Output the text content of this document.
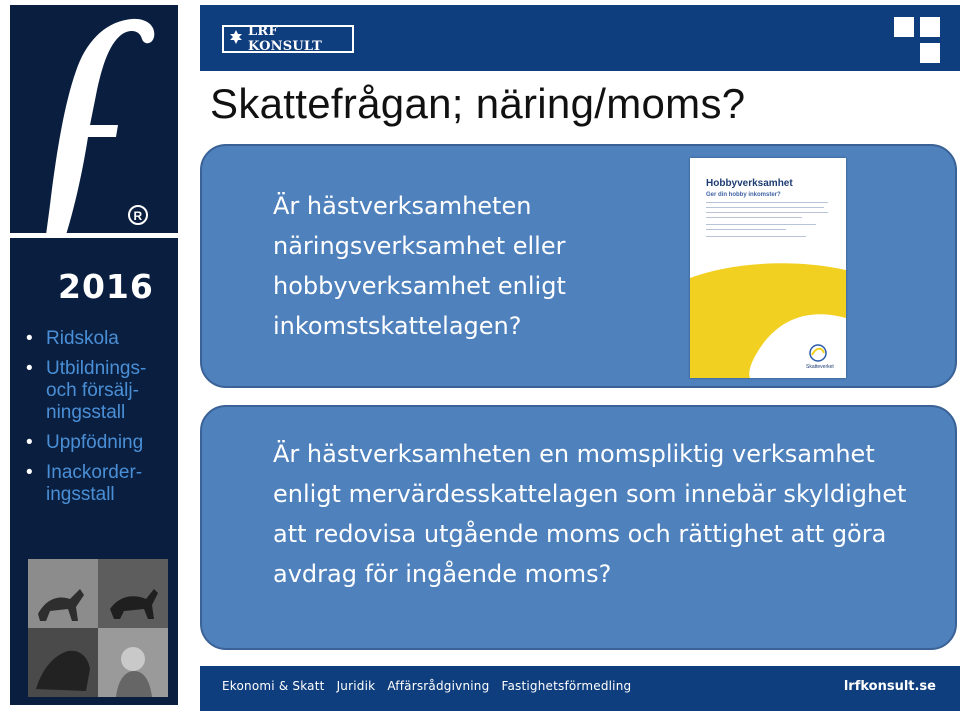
R
2016
• Ridskola
• Utbildnings-och försälj-ningsstall
• Uppfödning
• Inackorder-ingsstall
LRF KONSULT
Skattefrågan; näring/moms?
Är hästverksamheten näringsverksamhet eller hobbyverksamhet enligt inkomstskattelagen?
Hobbyverksamhet
Ger din hobby inkomster?
Skatteverket
Är hästverksamheten en momspliktig verksamhet enligt mervärdesskattelagen som innebär skyldighet att redovisa utgående moms och rättighet att göra avdrag för ingående moms?
Ekonomi & Skatt   Juridik   Affärsrådgivning   Fastighetsförmedling	lrfkonsult.se
